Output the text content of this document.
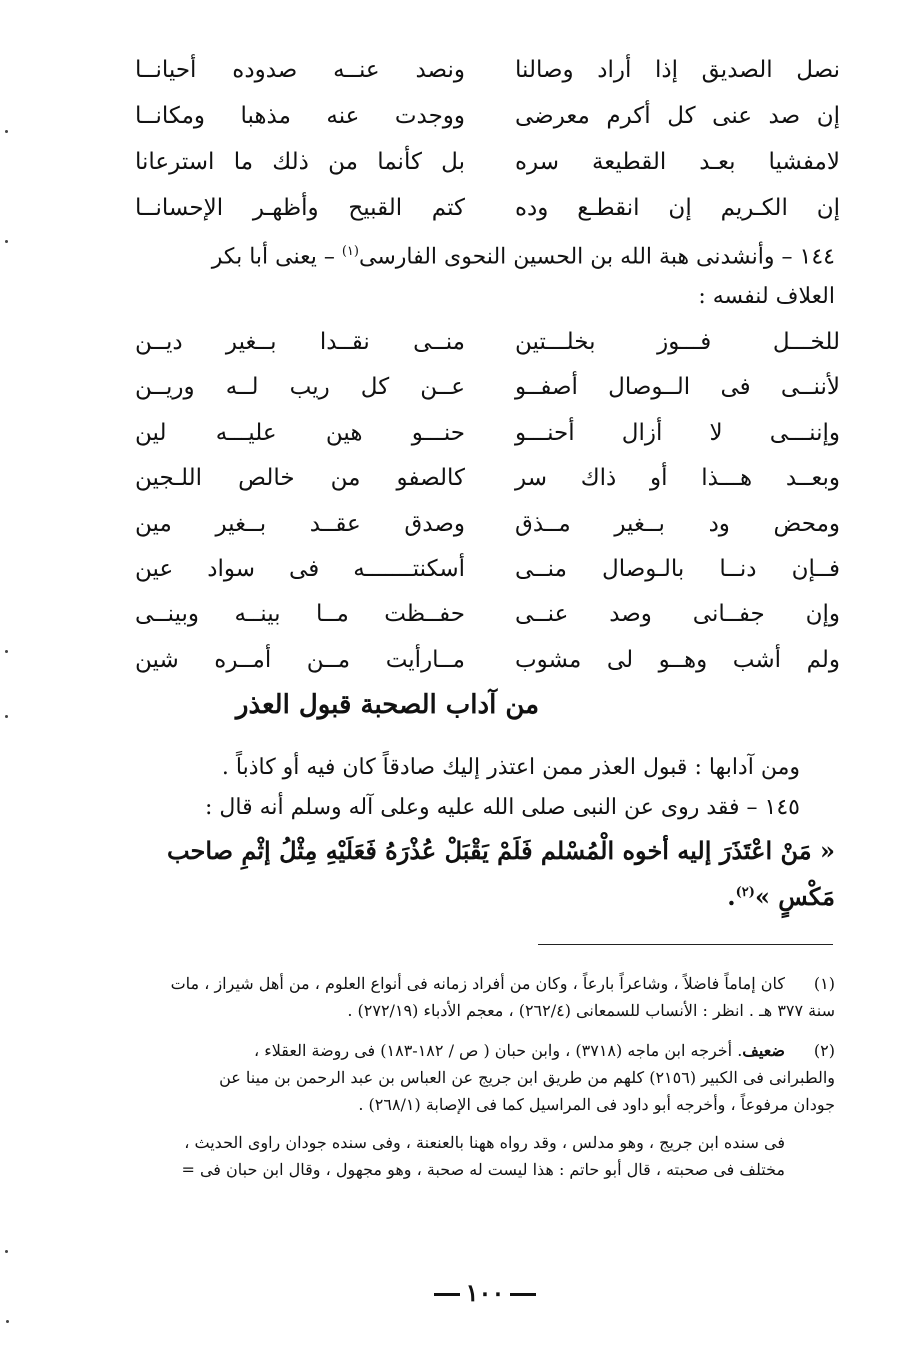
نصل الصديق إذا أراد وصالنا
ونصد عنــه صدوده أحيانــا
إن صد عنى كل أكرم معرضى
ووجدت عنه مذهبا ومكانــا
لامفشيا بعـد القطيعة سره
بل كأنما من ذلك ما استرعانا
إن الكـريم إن انقطـع وده
كتم القبيح وأظهـر الإحسانــا
١٤٤ – وأنشدنى هبة الله بن الحسين النحوى الفارسى$^{(١)}$ – يعنى أبا بكر
العلاف لنفسه :
للخـــل فـــوز بخلـــتين
منــى نقــدا بــغير ديــن
لأننــى فى الــوصال أصفــو
عــن كل ريب لــه وريــن
وإننـــى لا أزال أحنـــو
حنـــو هين عليـــه لين
وبعــد هـــذا أو ذاك سر
كالصفو من خالص اللـجين
ومحض ود بــغير مــذق
وصدق عقــد بــغير مين
فــإن دنــا بالـوصال منــى
أسكنتـــــــه فى سواد عين
وإن جفــانى وصد عنــى
حفــظت مــا بينــه وبينــى
ولم أشب وهــو لى مشوب
مــارأيت مــن أمــره شين
من آداب الصحبة قبول العذر
ومن آدابها : قبول العذر ممن اعتذر إليك صادقاً كان فيه أو كاذباً .
١٤٥ – فقد روى عن النبى صلى الله عليه وعلى آله وسلم أنه قال :
« مَنْ اعْتَذَرَ إليه أخوه الْمُسْلم فَلَمْ يَقْبَلْ عُذْرَهُ فَعَلَيْهِ مِثْلُ إثْمِ صاحب
مَكْسٍ »$^{(٢)}$.
(١)
كان إماماً فاضلاً ، وشاعراً بارعاً ، وكان من أفراد زمانه فى أنواع العلوم ، من أهل شيراز ، مات
سنة ٣٧٧ هـ . انظر : الأنساب للسمعانى (٢٦٢/٤) ، معجم الأدباء (٢٧٢/١٩) .
(٢)
ضعيف. أخرجه ابن ماجه (٣٧١٨) ، وابن حبان ( ص / ١٨٢-١٨٣) فى روضة العقلاء ،
والطبرانى فى الكبير (٢١٥٦) كلهم من طريق ابن جريج عن العباس بن عبد الرحمن بن مينا عن
جودان مرفوعاً ، وأخرجه أبو داود فى المراسيل كما فى الإصابة (٢٦٨/١) .
فى سنده ابن جريج ، وهو مدلس ، وقد رواه ههنا بالعنعنة ، وفى سنده جودان راوى الحديث ،
مختلف فى صحبته ، قال أبو حاتم : هذا ليست له صحبة ، وهو مجهول ، وقال ابن حبان فى =
١٠٠
